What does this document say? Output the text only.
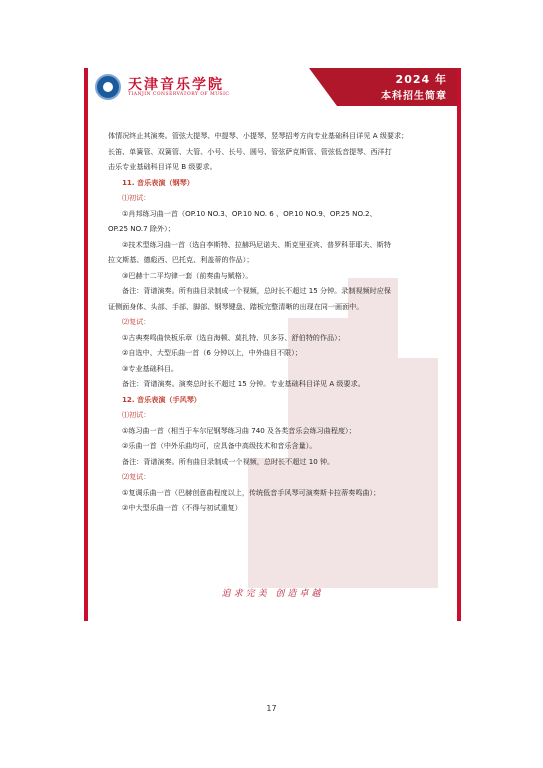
天津音乐学院
TIANJIN CONSERVATORY OF MUSIC
2024 年
本科招生简章

体情况终止其演奏。管弦大提琴、中提琴、小提琴、竖琴招考方向专业基础科目详见 A 级要求；

长笛、单簧管、双簧管、大管、小号、长号、圆号、管弦萨克斯管、管弦低音提琴、西洋打

击乐专业基础科目详见 B 级要求。

11. 音乐表演（钢琴）

⑴初试：

①肖邦练习曲一首（OP.10 NO.3、OP.10 NO. 6 、OP.10 NO.9、OP.25 NO.2、

OP.25 NO.7 除外）；

②技术型练习曲一首（选自李斯特、拉赫玛尼诺夫、斯克里亚宾、普罗科菲耶夫、斯特

拉文斯基、德彪西、巴托克、利盖蒂的作品）；

③巴赫十二平均律一套（前奏曲与赋格）。

备注：背谱演奏。所有曲目录制成一个视频，总时长不超过 15 分钟。录制视频时应保

证侧面身体、头部、手部、脚部、钢琴键盘、踏板完整清晰的出现在同一画面中。

⑵复试：

①古典奏鸣曲快板乐章（选自海顿、莫扎特、贝多芬、舒伯特的作品）；

②自选中、大型乐曲一首（6 分钟以上，中外曲目不限）；

③专业基础科目。

备注：背谱演奏。演奏总时长不超过 15 分钟。专业基础科目详见 A 级要求。

12. 音乐表演（手风琴）

⑴初试：

①练习曲一首（相当于车尔尼钢琴练习曲 740 及各类音乐会练习曲程度）；

②乐曲一首（中外乐曲均可，应具备中高级技术和音乐含量）。

备注：背谱演奏。所有曲目录制成一个视频，总时长不超过 10 钟。

⑵复试：

①复调乐曲一首（巴赫创意曲程度以上，传统低音手风琴可演奏斯卡拉蒂奏鸣曲）；

②中大型乐曲一首（不得与初试重复）

追求完美 创造卓越
17
